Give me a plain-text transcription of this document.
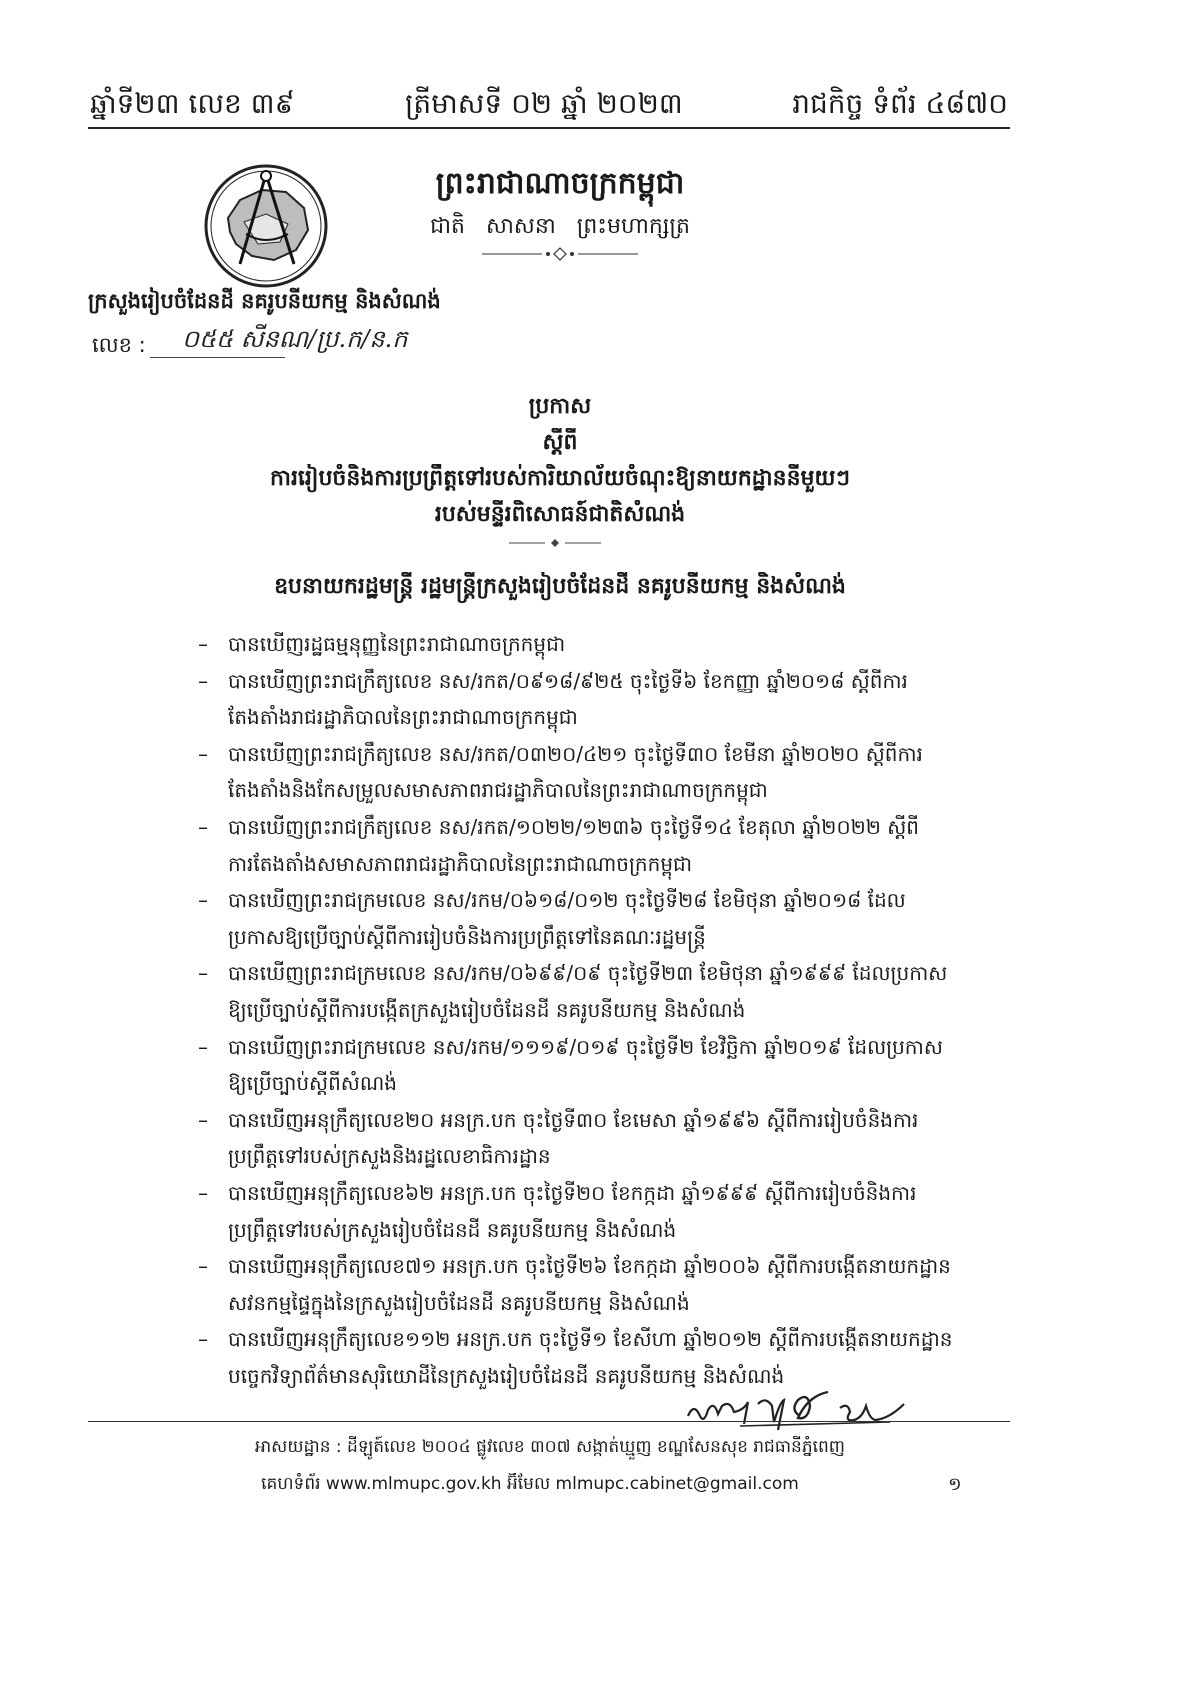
ឆ្នាំទី២៣ លេខ ៣៩	ត្រីមាសទី ០២ ឆ្នាំ ២០២៣	រាជកិច្ច ទំព័រ ៤៨៧០
ព្រះរាជាណាចក្រកម្ពុជា
ជាតិ   សាសនា   ព្រះមហាក្សត្រ
ក្រសួងរៀបចំដែនដី នគរូបនីយកម្ម និងសំណង់
លេខ : ០៥៥ សីនណ/ប្រ.ក/ន.ក
ប្រកាស
ស្តីពី
ការរៀបចំនិងការប្រព្រឹត្តទៅរបស់ការិយាល័យចំណុះឱ្យនាយកដ្ឋាននីមួយៗ
របស់មន្ទីរពិសោធន៍ជាតិសំណង់
ឧបនាយករដ្ឋមន្ត្រី រដ្ឋមន្ត្រីក្រសួងរៀបចំដែនដី នគរូបនីយកម្ម និងសំណង់
–	បានឃើញរដ្ឋធម្មនុញ្ញនៃព្រះរាជាណាចក្រកម្ពុជា
–	បានឃើញព្រះរាជក្រឹត្យលេខ នស/រកត/០៩១៨/៩២៥ ចុះថ្ងៃទី៦ ខែកញ្ញា ឆ្នាំ២០១៨ ស្តីពីការ
តែងតាំងរាជរដ្ឋាភិបាលនៃព្រះរាជាណាចក្រកម្ពុជា
–	បានឃើញព្រះរាជក្រឹត្យលេខ នស/រកត/០៣២០/៤២១ ចុះថ្ងៃទី៣០ ខែមីនា ឆ្នាំ២០២០ ស្តីពីការ
តែងតាំងនិងកែសម្រួលសមាសភាពរាជរដ្ឋាភិបាលនៃព្រះរាជាណាចក្រកម្ពុជា
–	បានឃើញព្រះរាជក្រឹត្យលេខ នស/រកត/១០២២/១២៣៦ ចុះថ្ងៃទី១៤ ខែតុលា ឆ្នាំ២០២២ ស្តីពី
ការតែងតាំងសមាសភាពរាជរដ្ឋាភិបាលនៃព្រះរាជាណាចក្រកម្ពុជា
–	បានឃើញព្រះរាជក្រមលេខ នស/រកម/០៦១៨/០១២ ចុះថ្ងៃទី២៨ ខែមិថុនា ឆ្នាំ២០១៨ ដែល
ប្រកាសឱ្យប្រើច្បាប់ស្តីពីការរៀបចំនិងការប្រព្រឹត្តទៅនៃគណៈរដ្ឋមន្ត្រី
–	បានឃើញព្រះរាជក្រមលេខ នស/រកម/០៦៩៩/០៩ ចុះថ្ងៃទី២៣ ខែមិថុនា ឆ្នាំ១៩៩៩ ដែលប្រកាស
ឱ្យប្រើច្បាប់ស្តីពីការបង្កើតក្រសួងរៀបចំដែនដី នគរូបនីយកម្ម និងសំណង់
–	បានឃើញព្រះរាជក្រមលេខ នស/រកម/១១១៩/០១៩ ចុះថ្ងៃទី២ ខែវិច្ឆិកា ឆ្នាំ២០១៩ ដែលប្រកាស
ឱ្យប្រើច្បាប់ស្តីពីសំណង់
–	បានឃើញអនុក្រឹត្យលេខ២០ អនក្រ.បក ចុះថ្ងៃទី៣០ ខែមេសា ឆ្នាំ១៩៩៦ ស្តីពីការរៀបចំនិងការ
ប្រព្រឹត្តទៅរបស់ក្រសួងនិងរដ្ឋលេខាធិការដ្ឋាន
–	បានឃើញអនុក្រឹត្យលេខ៦២ អនក្រ.បក ចុះថ្ងៃទី២០ ខែកក្កដា ឆ្នាំ១៩៩៩ ស្តីពីការរៀបចំនិងការ
ប្រព្រឹត្តទៅរបស់ក្រសួងរៀបចំដែនដី នគរូបនីយកម្ម និងសំណង់
–	បានឃើញអនុក្រឹត្យលេខ៧១ អនក្រ.បក ចុះថ្ងៃទី២៦ ខែកក្កដា ឆ្នាំ២០០៦ ស្តីពីការបង្កើតនាយកដ្ឋាន
សវនកម្មផ្ទៃក្នុងនៃក្រសួងរៀបចំដែនដី នគរូបនីយកម្ម និងសំណង់
–	បានឃើញអនុក្រឹត្យលេខ១១២ អនក្រ.បក ចុះថ្ងៃទី១ ខែសីហា ឆ្នាំ២០១២ ស្តីពីការបង្កើតនាយកដ្ឋាន
បច្ចេកវិទ្យាព័ត៌មានសុរិយោដីនៃក្រសួងរៀបចំដែនដី នគរូបនីយកម្ម និងសំណង់
អាសយដ្ឋាន : ដីឡូត៍លេខ ២០០៤ ផ្លូវលេខ ៣០៧ សង្កាត់ឃ្មួញ ខណ្ឌសែនសុខ រាជធានីភ្នំពេញ
គេហទំព័រ www.mlmupc.gov.kh អ៊ីមែល mlmupc.cabinet@gmail.com	១
